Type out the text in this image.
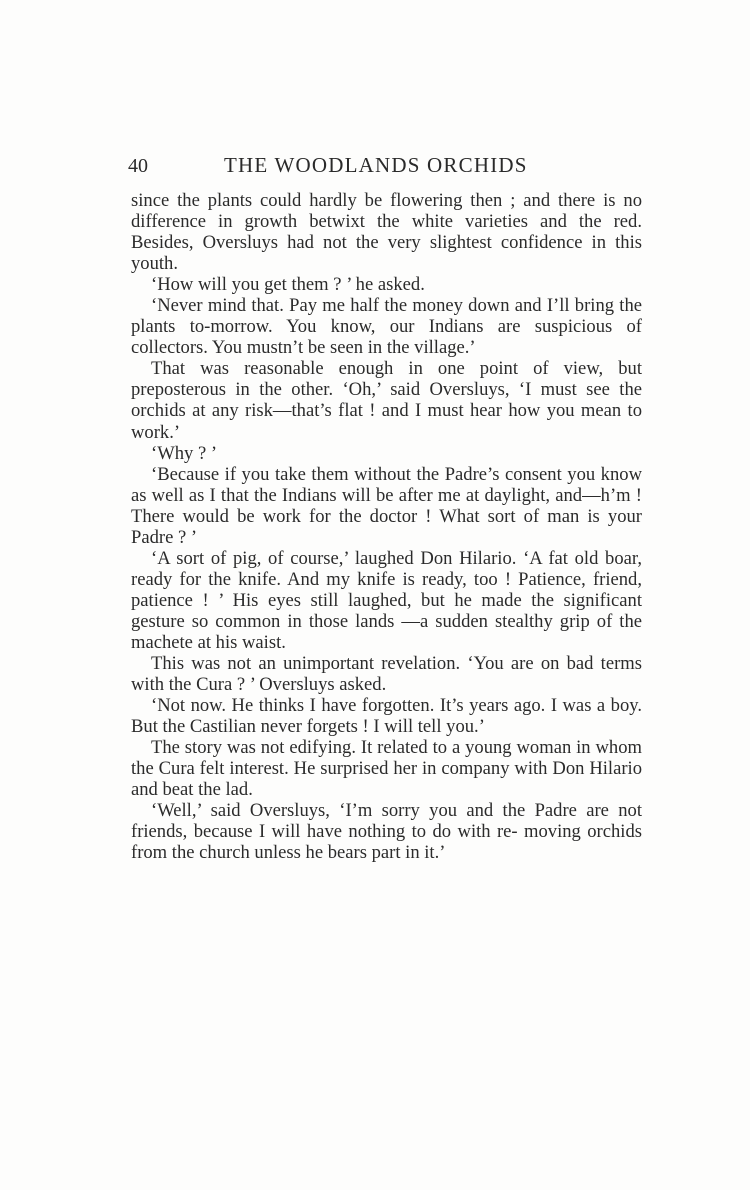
40	THE WOODLANDS ORCHIDS

since the plants could hardly be flowering then ; and there is no difference in growth betwixt the white varieties and the red. Besides, Oversluys had not the very slightest confidence in this youth.

‘How will you get them ? ’ he asked.

‘Never mind that. Pay me half the money down and I’ll bring the plants to-morrow. You know, our Indians are suspicious of collectors. You mustn’t be seen in the village.’

That was reasonable enough in one point of view, but preposterous in the other. ‘Oh,’ said Oversluys, ‘I must see the orchids at any risk—that’s flat ! and I must hear how you mean to work.’

‘Why ? ’

‘Because if you take them without the Padre’s consent you know as well as I that the Indians will be after me at daylight, and—h’m ! There would be work for the doctor ! What sort of man is your Padre ? ’

‘A sort of pig, of course,’ laughed Don Hilario. ‘A fat old boar, ready for the knife. And my knife is ready, too ! Patience, friend, patience ! ’ His eyes still laughed, but he made the significant gesture so common in those lands —a sudden stealthy grip of the machete at his waist.

This was not an unimportant revelation. ‘You are on bad terms with the Cura ? ’ Oversluys asked.

‘Not now. He thinks I have forgotten. It’s years ago. I was a boy. But the Castilian never forgets ! I will tell you.’

The story was not edifying. It related to a young woman in whom the Cura felt interest. He surprised her in company with Don Hilario and beat the lad.

‘Well,’ said Oversluys, ‘I’m sorry you and the Padre are not friends, because I will have nothing to do with re- moving orchids from the church unless he bears part in it.’
